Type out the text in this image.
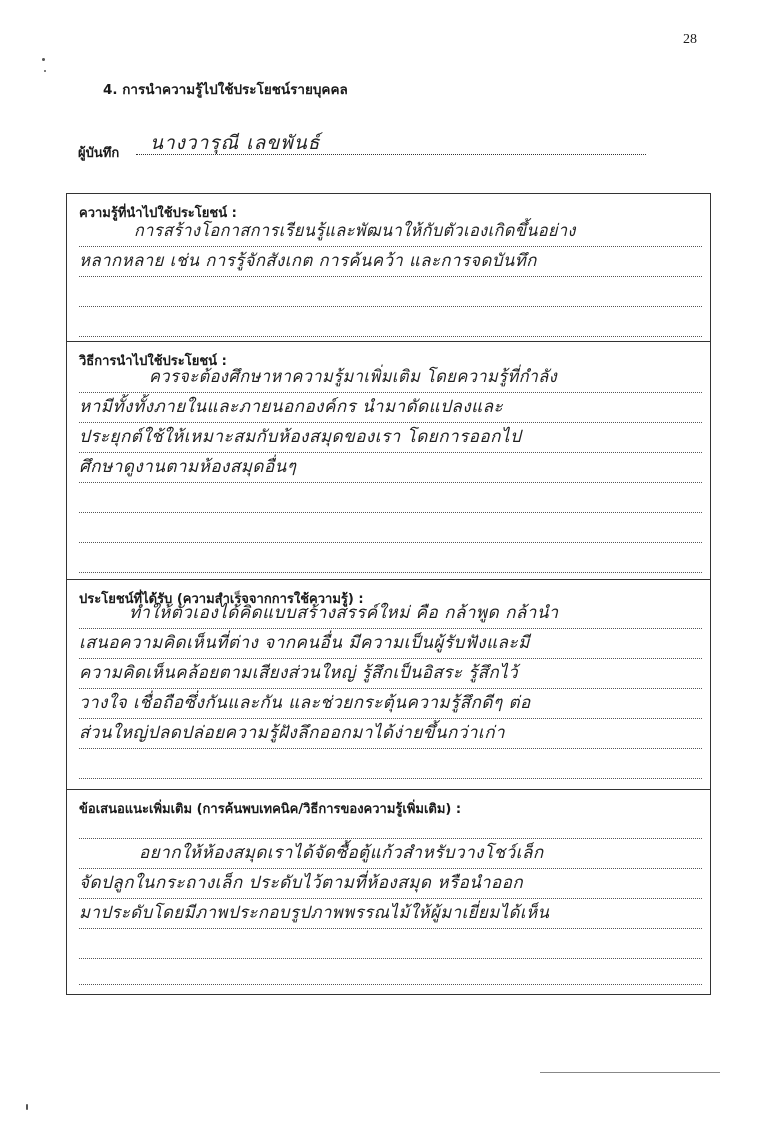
28
4. การนำความรู้ไปใช้ประโยชน์รายบุคคล
ผู้บันทึก นางวารุณี เลขพันธ์
ความรู้ที่นำไปใช้ประโยชน์ :
การสร้างโอกาสการเรียนรู้และพัฒนาให้กับตัวเองเกิดขึ้นอย่าง
หลากหลาย เช่น การรู้จักสังเกต การค้นคว้า และการจดบันทึก
วิธีการนำไปใช้ประโยชน์ :
ควรจะต้องศึกษาหาความรู้มาเพิ่มเติม โดยความรู้ที่กำลัง
หามีทั้งทั้งภายในและภายนอกองค์กร นำมาดัดแปลงและ
ประยุกต์ใช้ให้เหมาะสมกับห้องสมุดของเรา โดยการออกไป
ศึกษาดูงานตามห้องสมุดอื่นๆ
ประโยชน์ที่ได้รับ (ความสำเร็จจากการใช้ความรู้) :
ทำให้ตัวเองได้คิดแบบสร้างสรรค์ใหม่ คือ กล้าพูด กล้านำ
เสนอความคิดเห็นที่ต่าง จากคนอื่น มีความเป็นผู้รับฟังและมี
ความคิดเห็นคล้อยตามเสียงส่วนใหญ่ รู้สึกเป็นอิสระ รู้สึกไว้
วางใจ เชื่อถือซึ่งกันและกัน และช่วยกระตุ้นความรู้สึกดีๆ ต่อ
ส่วนใหญ่ปลดปล่อยความรู้ฝังลึกออกมาได้ง่ายขึ้นกว่าเก่า
ข้อเสนอแนะเพิ่มเติม (การค้นพบเทคนิค/วิธีการของความรู้เพิ่มเติม) :
อยากให้ห้องสมุดเราได้จัดซื้อตู้แก้วสำหรับวางโชว์เล็ก
จัดปลูกในกระถางเล็ก ประดับไว้ตามที่ห้องสมุด หรือนำออก
มาประดับโดยมีภาพประกอบรูปภาพพรรณไม้ให้ผู้มาเยี่ยมได้เห็น
